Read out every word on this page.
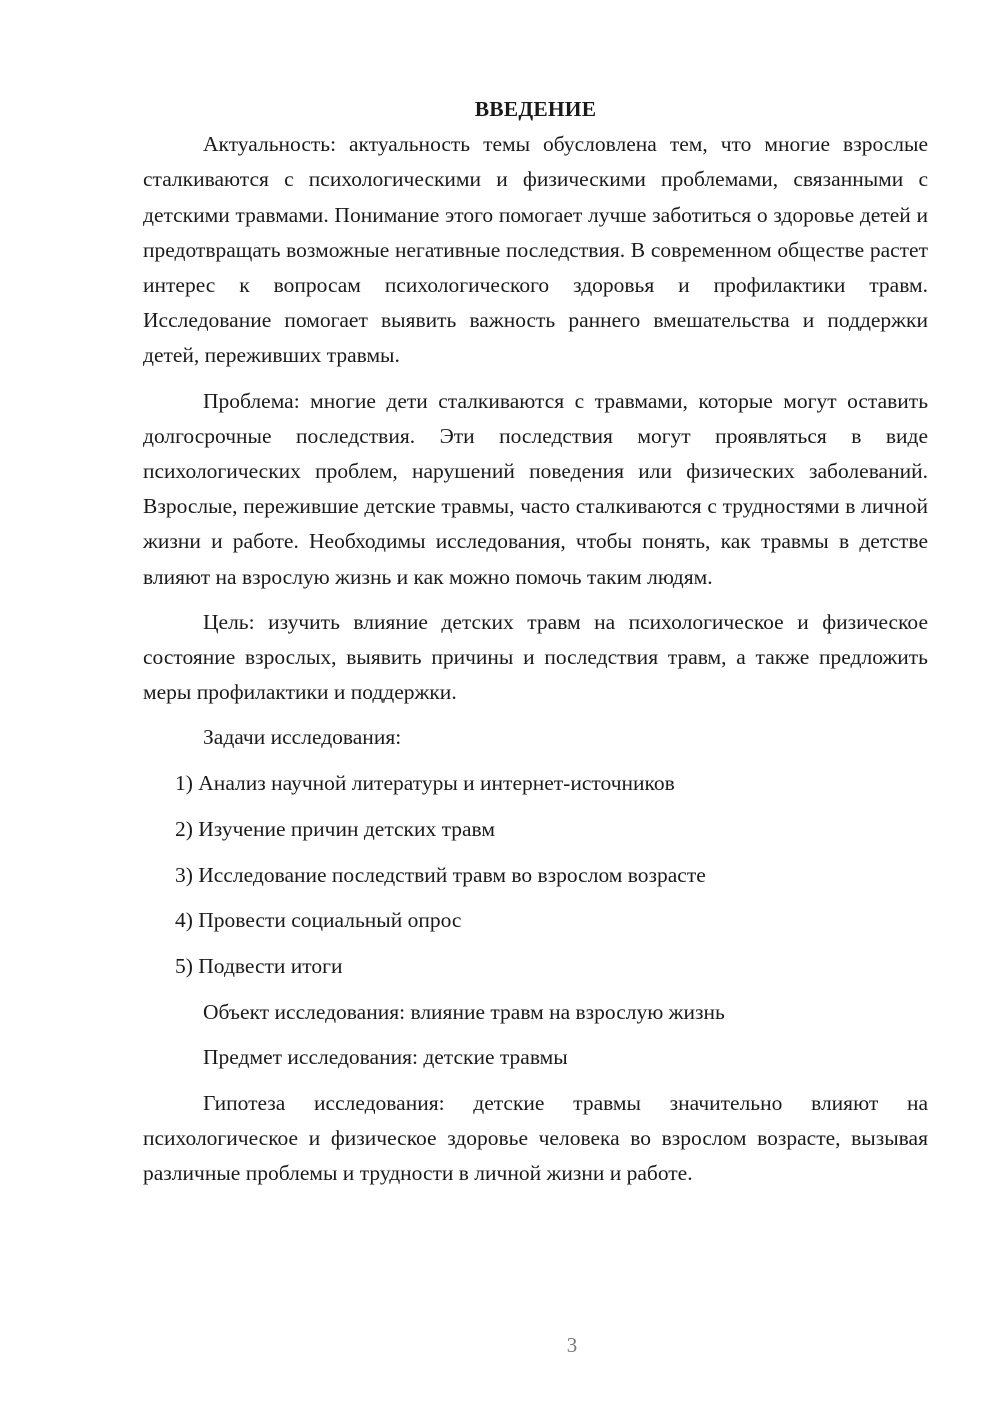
ВВЕДЕНИЕ

Актуальность: актуальность темы обусловлена тем, что многие взрослые сталкиваются с психологическими и физическими проблемами, связанными с детскими травмами. Понимание этого помогает лучше заботиться о здоровье детей и предотвращать возможные негативные последствия. В современном обществе растет интерес к вопросам психологического здоровья и профилактики травм. Исследование помогает выявить важность раннего вмешательства и поддержки детей, переживших травмы.

Проблема: многие дети сталкиваются с травмами, которые могут оставить долгосрочные последствия. Эти последствия могут проявляться в виде психологических проблем, нарушений поведения или физических заболеваний. Взрослые, пережившие детские травмы, часто сталкиваются с трудностями в личной жизни и работе. Необходимы исследования, чтобы понять, как травмы в детстве влияют на взрослую жизнь и как можно помочь таким людям.

Цель: изучить влияние детских травм на психологическое и физическое состояние взрослых, выявить причины и последствия травм, а также предложить меры профилактики и поддержки.

Задачи исследования:

1) Анализ научной литературы и интернет-источников

2) Изучение причин детских травм

3) Исследование последствий травм во взрослом возрасте

4) Провести социальный опрос

5) Подвести итоги

Объект исследования: влияние травм на взрослую жизнь

Предмет исследования: детские травмы

Гипотеза исследования: детские травмы значительно влияют на психологическое и физическое здоровье человека во взрослом возрасте, вызывая различные проблемы и трудности в личной жизни и работе.

3
